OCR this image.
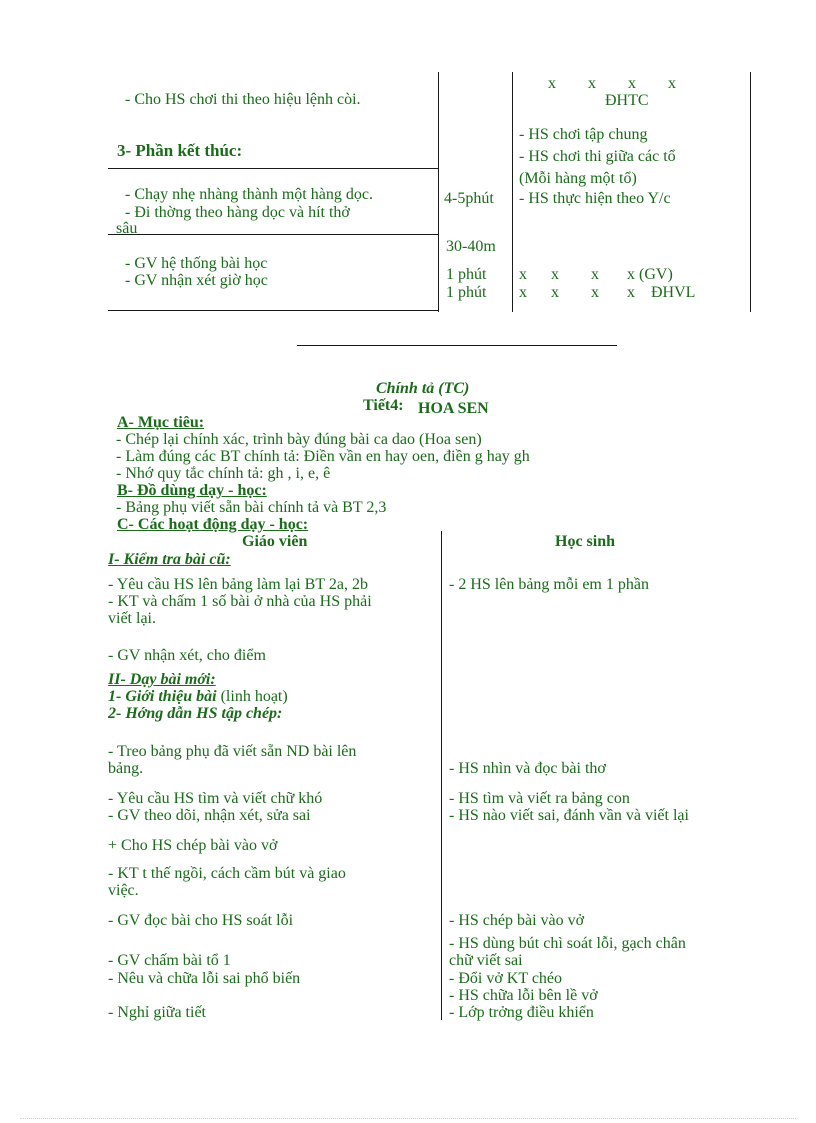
- Cho HS chơi thi theo hiệu lệnh còi.
3- Phần kết thúc:
- Chạy nhẹ nhàng thành một hàng dọc.
- Đi thờng theo hàng dọc và hít thở
sâu
- GV hệ thống bài học
- GV nhận xét giờ học
4-5phút
30-40m
1 phút
1 phút
x        x        x        x
ĐHTC
- HS chơi tập chung
- HS chơi thi giữa các tổ
(Mỗi hàng một tổ)
- HS thực hiện theo Y/c
x      x        x       x (GV)
x      x        x       x    ĐHVL
Chính tả (TC)
Tiết4: HOA SEN
A- Mục tiêu:
- Chép lại chính xác, trình bày đúng bài ca dao (Hoa sen)
- Làm đúng các BT chính tả: Điền vần en hay oen, điền g hay gh
- Nhớ quy tắc chính tả: gh , i, e, ê
B- Đồ dùng dạy - học:
- Bảng phụ viết sẵn bài chính tả và BT 2,3
C- Các hoạt động dạy - học:
Giáo viên	Học sinh
I- Kiểm tra bài cũ:
- Yêu cầu HS lên bảng làm lại BT 2a, 2b
- KT và chấm 1 số bài ở nhà của HS phải
viết lại.
- GV nhận xét, cho điểm
II- Dạy bài mới:
1- Giới thiệu bài (linh hoạt)
2- Hớng dẫn HS tập chép:
- Treo bảng phụ đã viết sẵn ND bài lên
bảng.
- Yêu cầu HS tìm và viết chữ khó
- GV theo dõi, nhận xét, sửa sai
+ Cho HS chép bài vào vở
- KT t thế ngồi, cách cầm bút và giao
việc.
- GV đọc bài cho HS soát lỗi
- GV chấm bài tổ 1
- Nêu và chữa lỗi sai phổ biến
- Nghỉ giữa tiết
- 2 HS lên bảng mỗi em 1 phần
- HS nhìn và đọc bài thơ
- HS tìm và viết ra bảng con
- HS nào viết sai, đánh vần và viết lại
- HS chép bài vào vở
- HS dùng bút chì soát lỗi, gạch chân
chữ viết sai
- Đổi vở KT chéo
- HS chữa lỗi bên lề vở
- Lớp trởng điều khiển
